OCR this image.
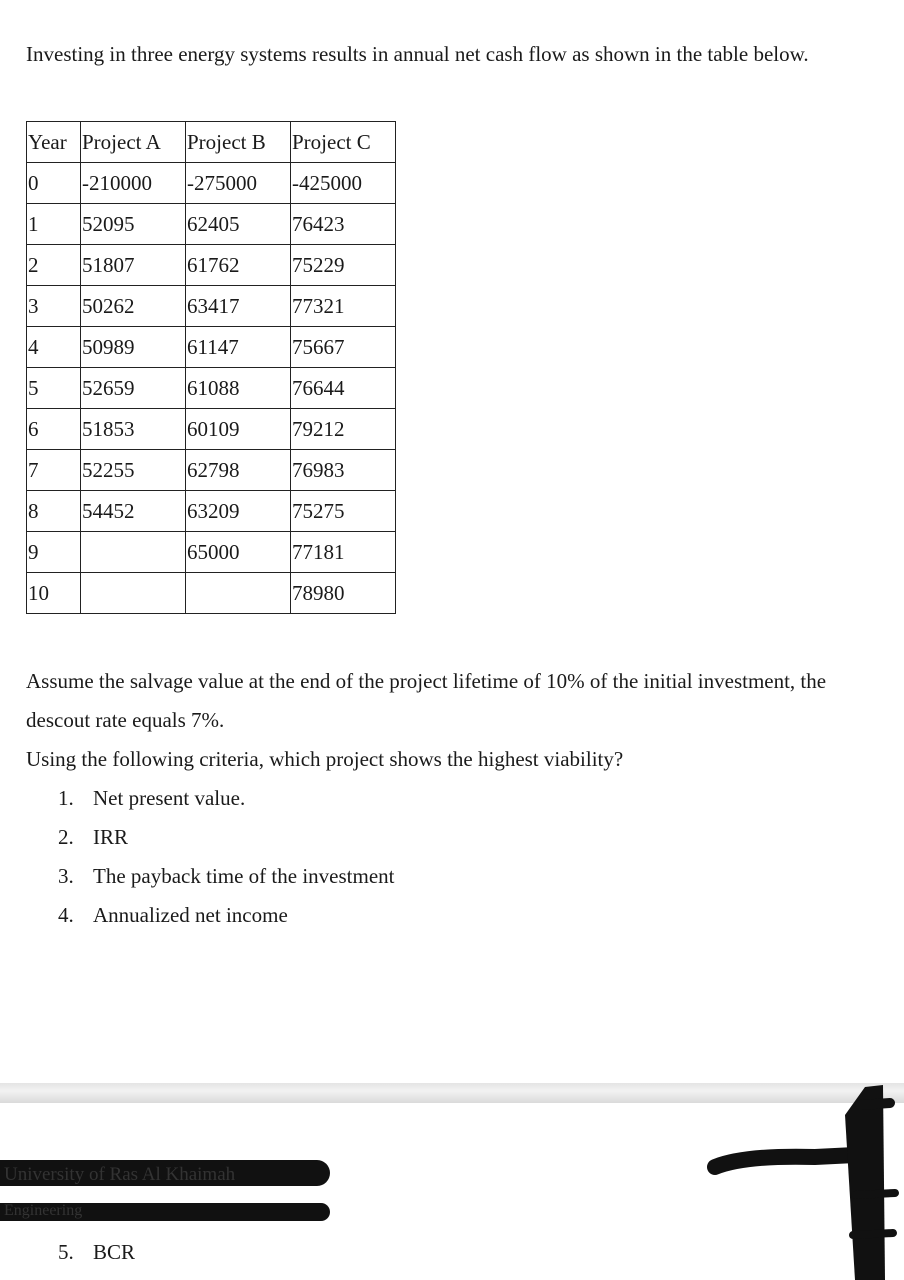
Investing in three energy systems results in annual net cash flow as shown in the table below.

Year	Project A	Project B	Project C
0	-210000	-275000	-425000
1	52095	62405	76423
2	51807	61762	75229
3	50262	63417	77321
4	50989	61147	75667
5	52659	61088	76644
6	51853	60109	79212
7	52255	62798	76983
8	54452	63209	75275
9		65000	77181
10			78980

Assume the salvage value at the end of the project lifetime of 10% of the initial investment, the

descout rate equals 7%.

Using the following criteria, which project shows the highest viability?

1. Net present value.
2. IRR
3. The payback time of the investment
4. Annualized net income
University of Ras Al Khaimah
Engineering
5. BCR
